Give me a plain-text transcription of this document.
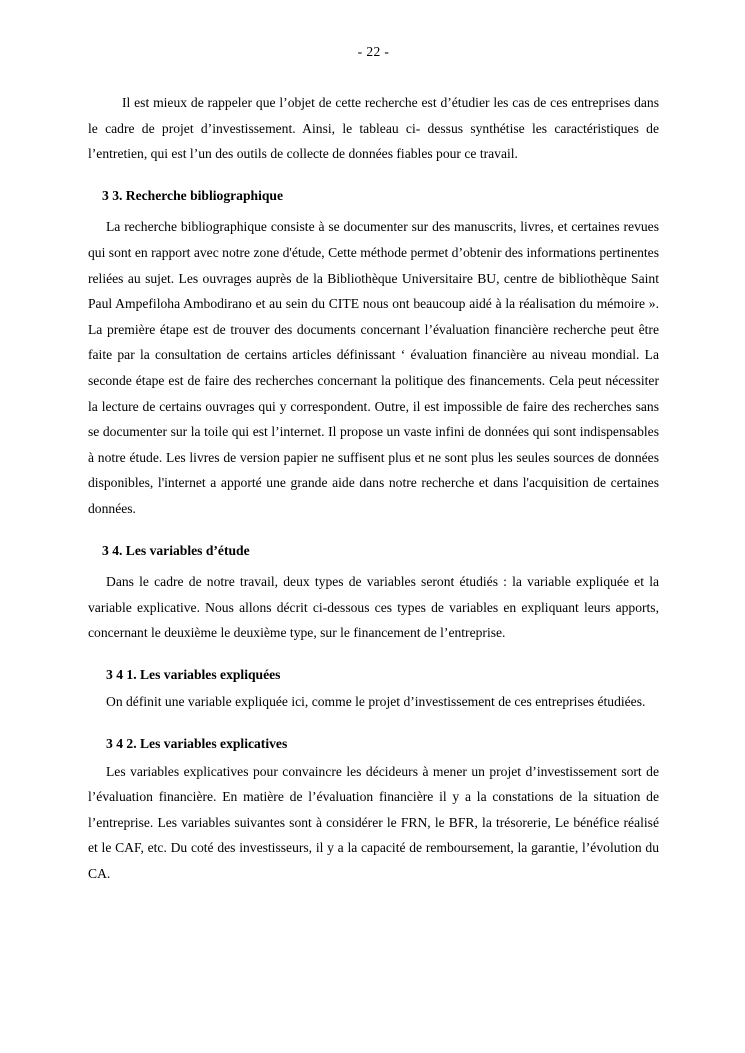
- 22 -

Il est mieux de rappeler que l’objet de cette recherche est d’étudier les cas de ces entreprises dans le cadre de projet d’investissement. Ainsi, le tableau ci- dessus synthétise les caractéristiques de l’entretien, qui est l’un des outils de collecte de données fiables pour ce travail.

3 3. Recherche bibliographique

La recherche bibliographique consiste à se documenter sur des manuscrits, livres, et certaines revues qui sont en rapport avec notre zone d'étude, Cette méthode permet d’obtenir des informations pertinentes reliées au sujet. Les ouvrages auprès de la Bibliothèque Universitaire BU, centre de bibliothèque Saint Paul Ampefiloha Ambodirano et au sein du CITE nous ont beaucoup aidé à la réalisation du mémoire ». La première étape est de trouver des documents concernant l’évaluation financière recherche peut être faite par la consultation de certains articles définissant ‘ évaluation financière au niveau mondial. La seconde étape est de faire des recherches concernant la politique des financements. Cela peut nécessiter la lecture de certains ouvrages qui y correspondent. Outre, il est impossible de faire des recherches sans se documenter sur la toile qui est l’internet. Il propose un vaste infini de données qui sont indispensables à notre étude. Les livres de version papier ne suffisent plus et ne sont plus les seules sources de données disponibles, l'internet a apporté une grande aide dans notre recherche et dans l'acquisition de certaines données.

3 4. Les variables d’étude

Dans le cadre de notre travail, deux types de variables seront étudiés : la variable expliquée et la variable explicative. Nous allons décrit ci-dessous ces types de variables en expliquant leurs apports, concernant le deuxième le deuxième type, sur le financement de l’entreprise.

3 4 1. Les variables expliquées

On définit une variable expliquée ici, comme le projet d’investissement de ces entreprises étudiées.

3 4 2. Les variables explicatives

Les variables explicatives pour convaincre les décideurs à mener un projet d’investissement sort de l’évaluation financière. En matière de l’évaluation financière il y a la constations de la situation de l’entreprise. Les variables suivantes sont à considérer le FRN, le BFR, la trésorerie, Le bénéfice réalisé et le CAF, etc. Du coté des investisseurs, il y a la capacité de remboursement, la garantie, l’évolution du CA.
